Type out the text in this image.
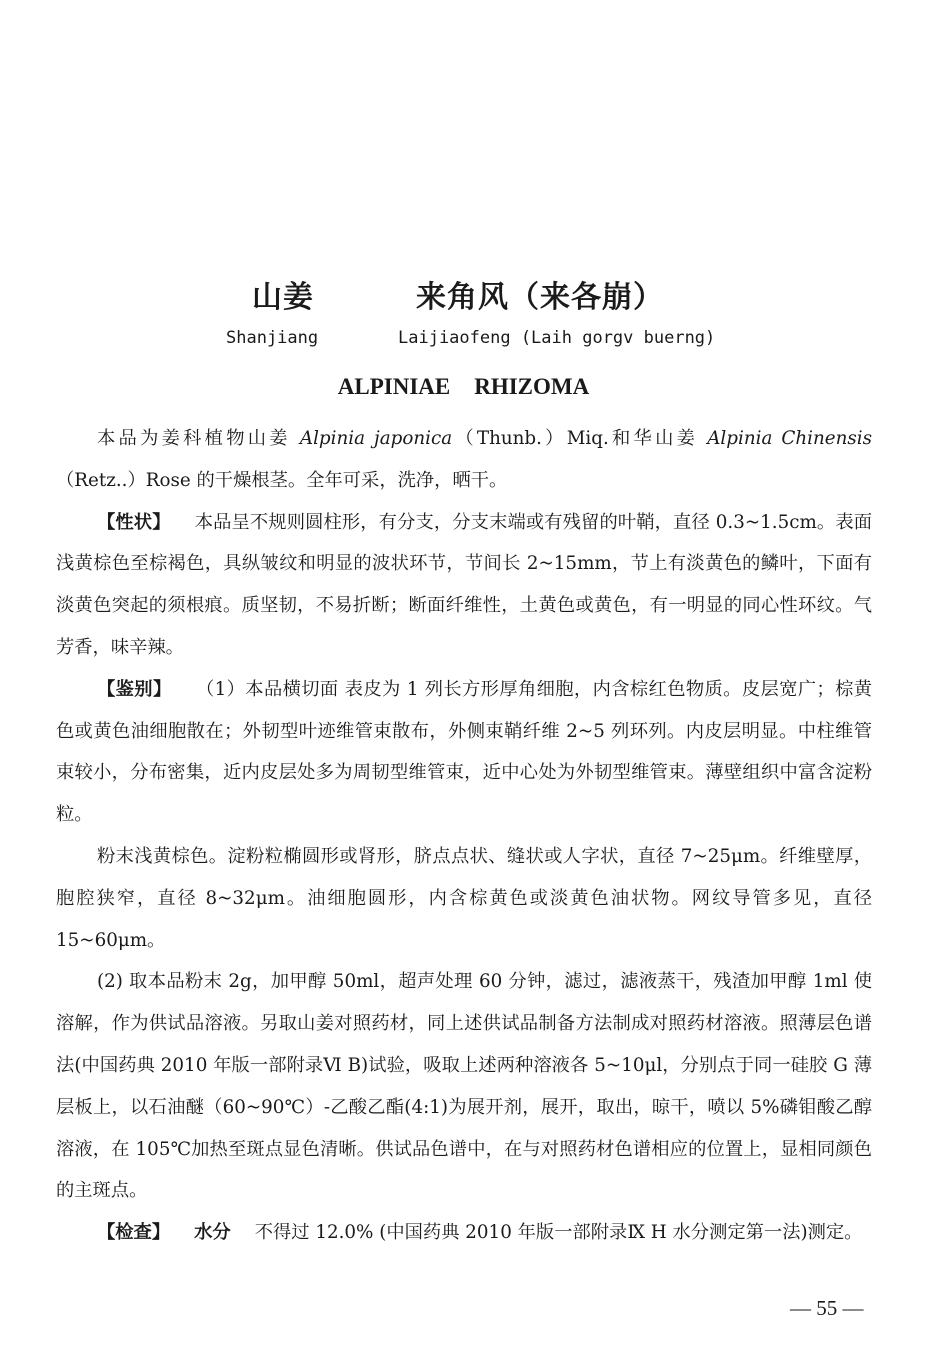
山姜	来角风（来各崩）
Shanjiang	Laijiaofeng (Laih gorgv buerng)
ALPINIAE RHIZOMA

本品为姜科植物山姜 Alpinia japonica（Thunb.）Miq.和华山姜 Alpinia Chinensis（Retz..）Rose 的干燥根茎。全年可采，洗净，晒干。

【性状】 本品呈不规则圆柱形，有分支，分支末端或有残留的叶鞘，直径 0.3~1.5cm。表面浅黄棕色至棕褐色，具纵皱纹和明显的波状环节，节间长 2~15mm，节上有淡黄色的鳞叶，下面有淡黄色突起的须根痕。质坚韧，不易折断；断面纤维性，土黄色或黄色，有一明显的同心性环纹。气芳香，味辛辣。

【鉴别】 （1）本品横切面 表皮为 1 列长方形厚角细胞，内含棕红色物质。皮层宽广；棕黄色或黄色油细胞散在；外韧型叶迹维管束散布，外侧束鞘纤维 2~5 列环列。内皮层明显。中柱维管束较小，分布密集，近内皮层处多为周韧型维管束，近中心处为外韧型维管束。薄壁组织中富含淀粉粒。

粉末浅黄棕色。淀粉粒椭圆形或肾形，脐点点状、缝状或人字状，直径 7~25μm。纤维壁厚，胞腔狭窄，直径 8~32μm。油细胞圆形，内含棕黄色或淡黄色油状物。网纹导管多见，直径 15~60μm。

(2) 取本品粉末 2g，加甲醇 50ml，超声处理 60 分钟，滤过，滤液蒸干，残渣加甲醇 1ml 使溶解，作为供试品溶液。另取山姜对照药材，同上述供试品制备方法制成对照药材溶液。照薄层色谱法(中国药典 2010 年版一部附录Ⅵ B)试验，吸取上述两种溶液各 5~10μl，分别点于同一硅胶 G 薄层板上，以石油醚（60~90℃）-乙酸乙酯(4:1)为展开剂，展开，取出，晾干，喷以 5%磷钼酸乙醇溶液，在 105℃加热至斑点显色清晰。供试品色谱中，在与对照药材色谱相应的位置上，显相同颜色的主斑点。

【检查】 水分 不得过 12.0% (中国药典 2010 年版一部附录Ⅸ H 水分测定第一法)测定。

— 55 —
